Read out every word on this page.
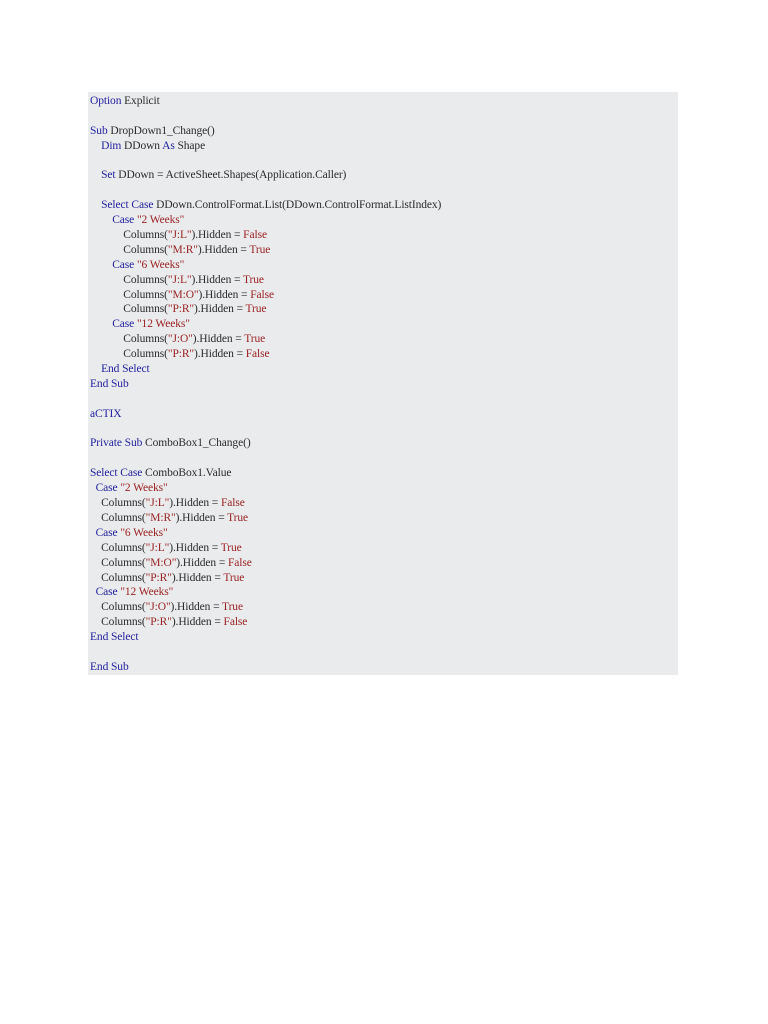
Option Explicit
Sub DropDown1_Change()
Dim DDown As Shape
Set DDown = ActiveSheet.Shapes(Application.Caller)
Select Case DDown.ControlFormat.List(DDown.ControlFormat.ListIndex)
Case "2 Weeks"
Columns("J:L").Hidden = False
Columns("M:R").Hidden = True
Case "6 Weeks"
Columns("J:L").Hidden = True
Columns("M:O").Hidden = False
Columns("P:R").Hidden = True
Case "12 Weeks"
Columns("J:O").Hidden = True
Columns("P:R").Hidden = False
End Select
End Sub
aCTIX
Private Sub ComboBox1_Change()
Select Case ComboBox1.Value
Case "2 Weeks"
Columns("J:L").Hidden = False
Columns("M:R").Hidden = True
Case "6 Weeks"
Columns("J:L").Hidden = True
Columns("M:O").Hidden = False
Columns("P:R").Hidden = True
Case "12 Weeks"
Columns("J:O").Hidden = True
Columns("P:R").Hidden = False
End Select
End Sub
